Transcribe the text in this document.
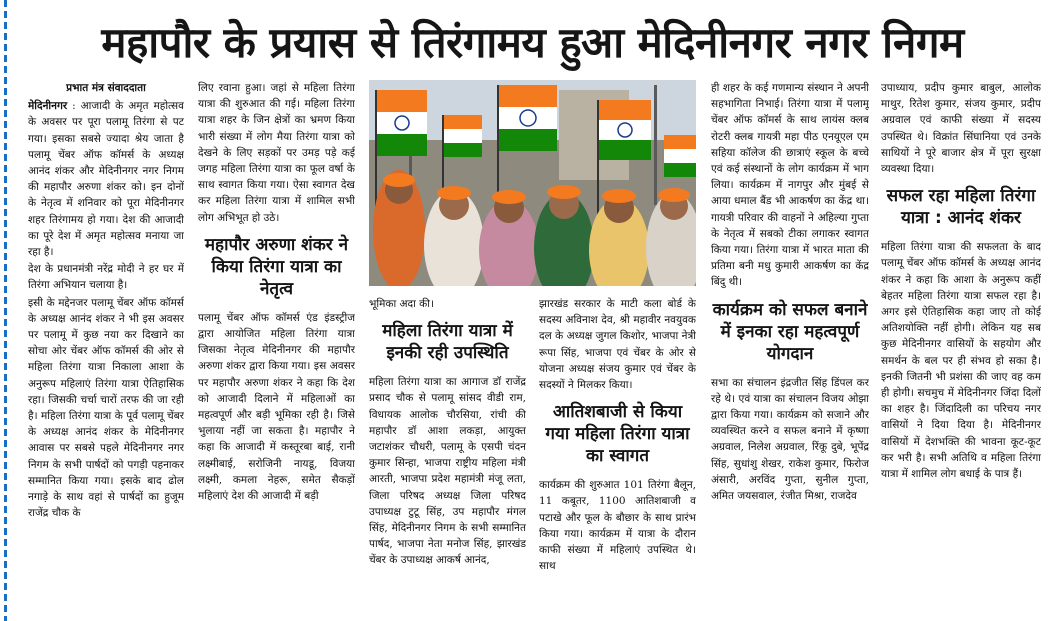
महापौर के प्रयास से तिरंगामय हुआ मेदिनीनगर नगर निगम
प्रभात मंत्र संवाददाता

मेदिनीनगर : आजादी के अमृत महोत्सव के अवसर पर पूरा पलामू तिरंगा से पट गया। इसका सबसे ज्यादा श्रेय जाता है पलामू चेंबर ऑफ कॉमर्स के अध्यक्ष आनंद शंकर और मेदिनीनगर नगर निगम की महापौर अरुणा शंकर को। इन दोनों के नेतृत्व में शनिवार को पूरा मेदिनीनगर शहर तिरंगामय हो गया। देश की आजादी का पूरे देश में अमृत महोत्सव मनाया जा रहा है।

देश के प्रधानमंत्री नरेंद्र मोदी ने हर घर में तिरंगा अभियान चलाया है।

इसी के मद्देनजर पलामू चेंबर ऑफ कॉमर्स के अध्यक्ष आनंद शंकर ने भी इस अवसर पर पलामू में कुछ नया कर दिखाने का सोचा ओर चेंबर ऑफ कॉमर्स की ओर से महिला तिरंगा यात्रा निकाला आशा के अनुरूप महिलाएं तिरंगा यात्रा ऐतिहासिक रहा। जिसकी चर्चा चारों तरफ की जा रही है। महिला तिरंगा यात्रा के पूर्व पलामू चेंबर के अध्यक्ष आनंद शंकर के मेदिनीनगर आवास पर सबसे पहले मेदिनीनगर नगर निगम के सभी पार्षदों को पगड़ी पहनाकर सम्मानित किया गया। इसके बाद ढोल नगाड़े के साथ वहां से पार्षदों का हुजूम राजेंद्र चौक के

लिए रवाना हुआ। जहां से महिला तिरंगा यात्रा की शुरुआत की गई। महिला तिरंगा यात्रा शहर के जिन क्षेत्रों का भ्रमण किया भारी संख्या में लोग मैया तिरंगा यात्रा को देखने के लिए सड़कों पर उमड़ पड़े कई जगह महिला तिरंगा यात्रा का फूल वर्षा के साथ स्वागत किया गया। ऐसा स्वागत देख कर महिला तिरंगा यात्रा में शामिल सभी लोग अभिभूत हो उठे।

महापौर अरुणा शंकर ने किया तिरंगा यात्रा का नेतृत्व

पलामू चेंबर ऑफ कॉमर्स एंड इंडस्ट्रीज द्वारा आयोजित महिला तिरंगा यात्रा जिसका नेतृत्व मेदिनीनगर की महापौर अरुणा शंकर द्वारा किया गया। इस अवसर पर महापौर अरुणा शंकर ने कहा कि देश को आजादी दिलाने में महिलाओं का महत्वपूर्ण और बड़ी भूमिका रही है। जिसे भुलाया नहीं जा सकता है। महापौर ने कहा कि आजादी में कस्तूरबा बाई, रानी लक्ष्मीबाई, सरोजिनी नायडू, विजया लक्ष्मी, कमला नेहरू, समेत सैकड़ों महिलाएं देश की आजादी में बड़ी

भूमिका अदा की।

महिला तिरंगा यात्रा में इनकी रही उपस्थिति

महिला तिरंगा यात्रा का आगाज डॉ राजेंद्र प्रसाद चौक से पलामू सांसद वीडी राम, विधायक आलोक चौरसिया, रांची की महापौर डॉ आशा लकड़ा, आयुक्त जटाशंकर चौधरी, पलामू के एसपी चंदन कुमार सिन्हा, भाजपा राष्ट्रीय महिला मंत्री आरती, भाजपा प्रदेश महामंत्री मंजू लता, जिला परिषद अध्यक्ष जिला परिषद उपाध्यक्ष टुटू सिंह, उप महापौर मंगल सिंह, मेदिनीनगर निगम के सभी सम्मानित पार्षद, भाजपा नेता मनोज सिंह, झारखंड चेंबर के उपाध्यक्ष आकर्ष आनंद,

झारखंड सरकार के माटी कला बोर्ड के सदस्य अविनाश देव, श्री महावीर नवयुवक दल के अध्यक्ष जुगल किशोर, भाजपा नेत्री रूपा सिंह, भाजपा एवं चेंबर के ओर से योजना अध्यक्ष संजय कुमार एवं चेंबर के सदस्यों ने मिलकर किया।

आतिशबाजी से किया गया महिला तिरंगा यात्रा का स्वागत

कार्यक्रम की शुरुआत 101 तिरंगा बैलून, 11 कबूतर, 1100 आतिशबाजी व पटाखे और फूल के बौछार के साथ प्रारंभ किया गया। कार्यक्रम में यात्रा के दौरान काफी संख्या में महिलाएं उपस्थित थे। साथ

ही शहर के कई गणमान्य संस्थान ने अपनी सहभागिता निभाई। तिरंगा यात्रा में पलामू चेंबर ऑफ कॉमर्स के साथ लायंस क्लब रोटरी क्लब गायत्री महा पीठ एनयूएल एम सहिया कॉलेज की छात्राएं स्कूल के बच्चे एवं कई संस्थानों के लोग कार्यक्रम में भाग लिया। कार्यक्रम में नागपुर और मुंबई से आया धमाल बैंड भी आकर्षण का केंद्र था। गायत्री परिवार की वाहनों ने अहिल्या गुप्ता के नेतृत्व में सबको टीका लगाकर स्वागत किया गया। तिरंगा यात्रा में भारत माता की प्रतिमा बनी मधु कुमारी आकर्षण का केंद्र बिंदु थी।

कार्यक्रम को सफल बनाने में इनका रहा महत्वपूर्ण योगदान

सभा का संचालन इंद्रजीत सिंह डिंपल कर रहे थे। एवं यात्रा का संचालन विजय ओझा द्वारा किया गया। कार्यक्रम को सजाने और व्यवस्थित करने व सफल बनाने में कृष्णा अग्रवाल, निलेश अग्रवाल, रिंकू दुबे, भूपेंद्र सिंह, सुधांशु शेखर, राकेश कुमार, फिरोज अंसारी, अरविंद गुप्ता, सुनील गुप्ता, अमित जयसवाल, रंजीत मिश्रा, राजदेव

उपाध्याय, प्रदीप कुमार बाबुल, आलोक माथुर, रितेश कुमार, संजय कुमार, प्रदीप अग्रवाल एवं काफी संख्या में सदस्य उपस्थित थे। विक्रांत सिंघानिया एवं उनके साथियों ने पूरे बाजार क्षेत्र में पूरा सुरक्षा व्यवस्था दिया।

सफल रहा महिला तिरंगा यात्रा : आनंद शंकर

महिला तिरंगा यात्रा की सफलता के बाद पलामू चेंबर ऑफ कॉमर्स के अध्यक्ष आनंद शंकर ने कहा कि आशा के अनुरूप कहीं बेहतर महिला तिरंगा यात्रा सफल रहा है। अगर इसे ऐतिहासिक कहा जाए तो कोई अतिशयोक्ति नहीं होगी। लेकिन यह सब कुछ मेदिनीनगर वासियों के सहयोग और समर्थन के बल पर ही संभव हो सका है। इनकी जितनी भी प्रशंसा की जाए वह कम ही होगी। सचमुच में मेदिनीनगर जिंदा दिलों का शहर है। जिंदादिली का परिचय नगर वासियों ने दिया दिया है। मेदिनीनगर वासियों में देशभक्ति की भावना कूट-कूट कर भरी है। सभी अतिथि व महिला तिरंगा यात्रा में शामिल लोग बधाई के पात्र हैं।
